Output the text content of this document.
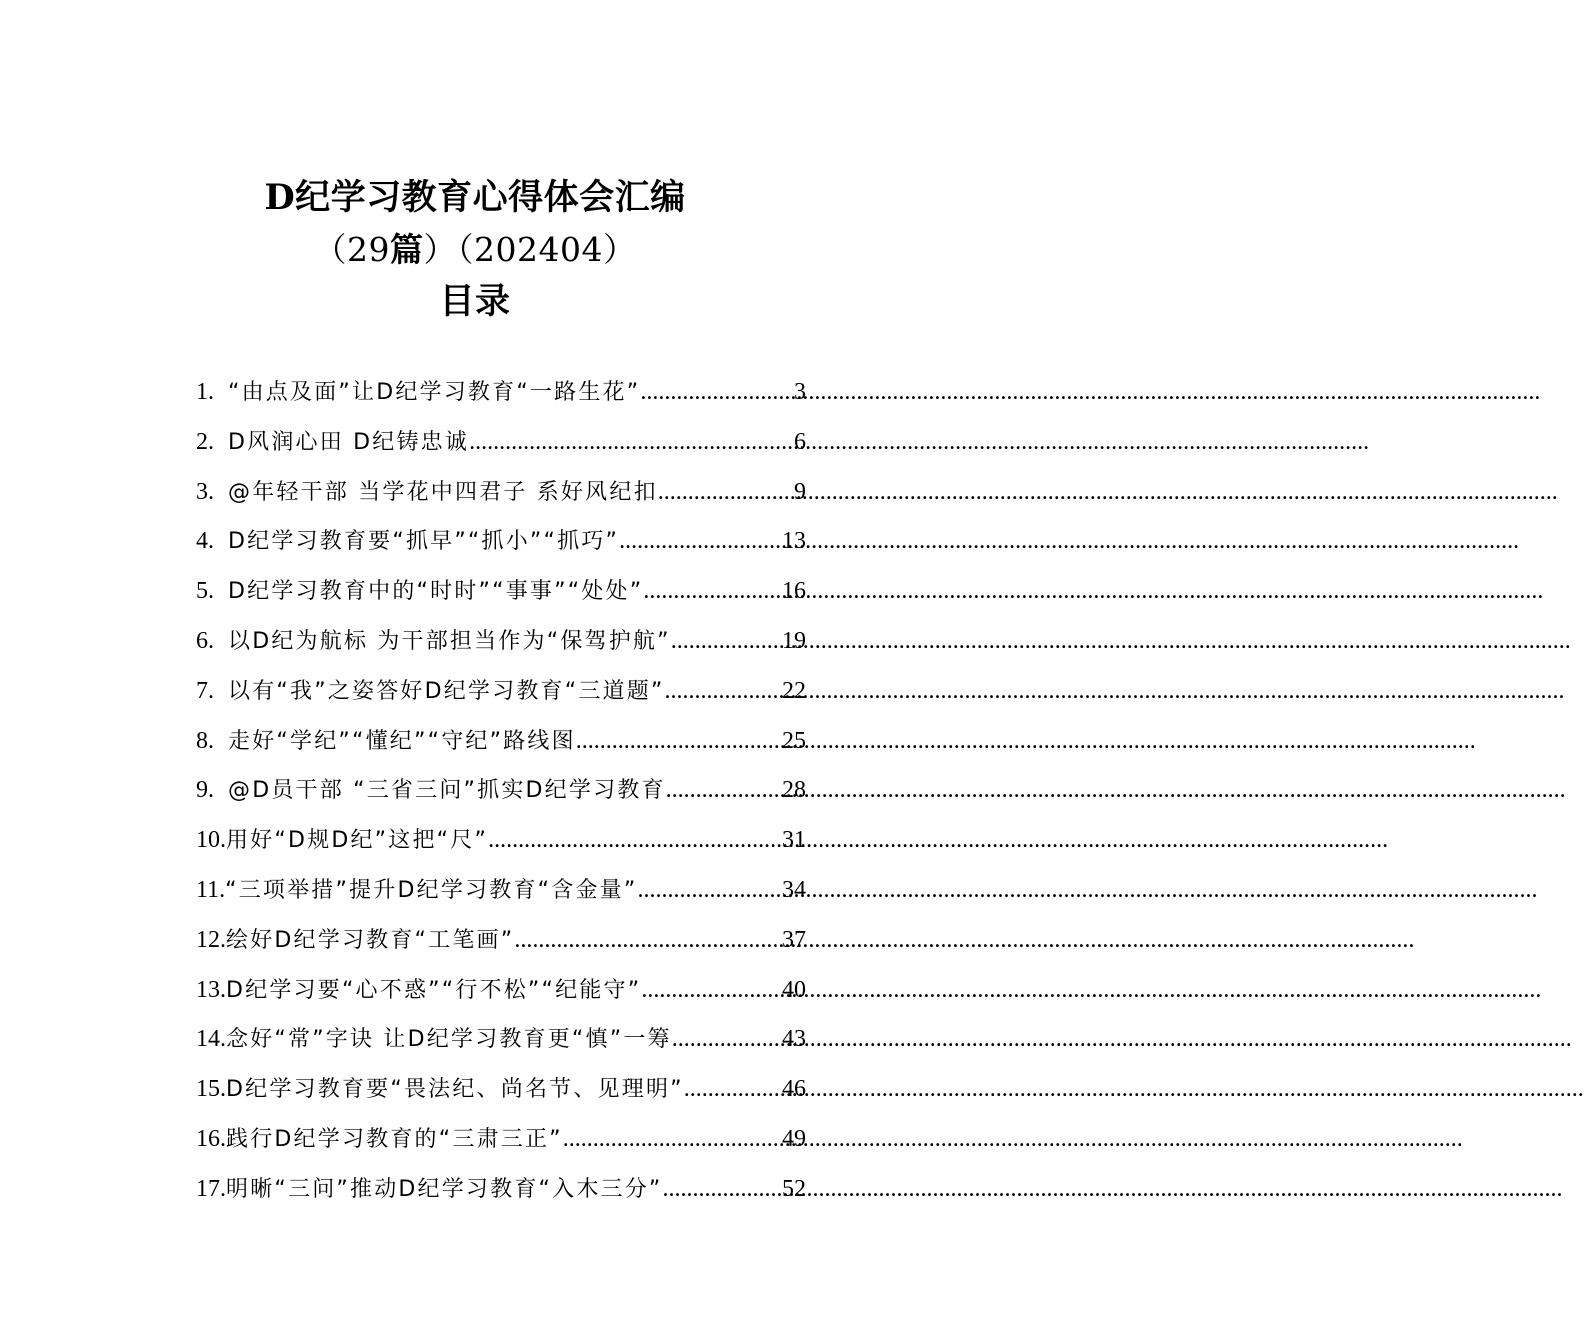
D纪学习教育心得体会汇编
（29篇）（202404）
目录
1. “由点及面”让D纪学习教育“一路生花” .....	3
2. D风润心田 D纪铸忠诚 .....	6
3. @年轻干部 当学花中四君子 系好风纪扣 .....	9
4. D纪学习教育要“抓早”“抓小”“抓巧” .....	13
5. D纪学习教育中的“时时”“事事”“处处” .....	16
6. 以D纪为航标 为干部担当作为“保驾护航” .....	19
7. 以有“我”之姿答好D纪学习教育“三道题” .....	22
8. 走好“学纪”“懂纪”“守纪”路线图 .....	25
9. @D员干部 “三省三问”抓实D纪学习教育 .....	28
10. 用好“D规D纪”这把“尺” .....	31
11. “三项举措”提升D纪学习教育“含金量” .....	34
12. 绘好D纪学习教育“工笔画” .....	37
13. D纪学习要“心不惑”“行不松”“纪能守” .....	40
14. 念好“常”字诀 让D纪学习教育更“慎”一筹 .....	43
15. D纪学习教育要“畏法纪、尚名节、见理明” .....	46
16. 践行D纪学习教育的“三肃三正” .....	49
17. 明晰“三问”推动D纪学习教育“入木三分” .....	52
